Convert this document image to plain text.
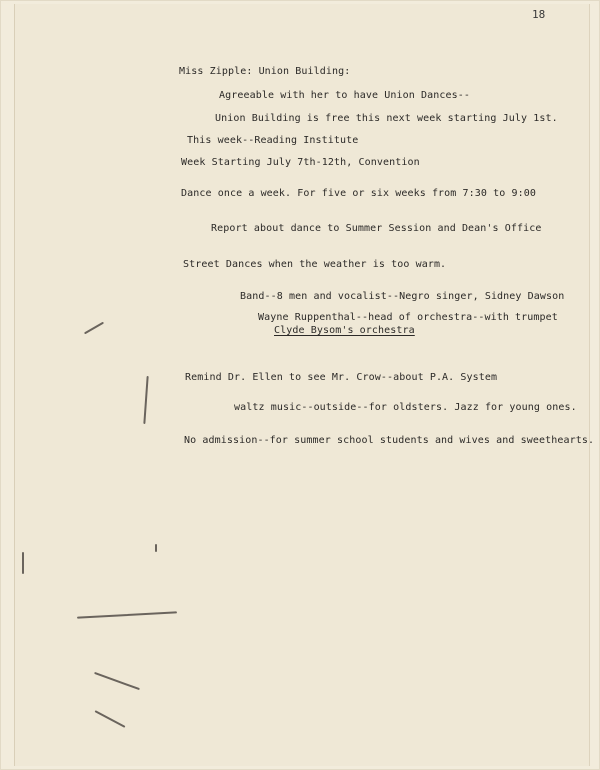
18
Miss Zipple: Union Building:
Agreeable with her to have Union Dances--
Union Building is free this next week starting July 1st.
This week--Reading Institute
Week Starting July 7th-12th, Convention
Dance once a week. For five or six weeks from 7:30 to 9:00
Report about dance to Summer Session and Dean's Office
Street Dances when the weather is too warm.
Band--8 men and vocalist--Negro singer, Sidney Dawson
Wayne Ruppenthal--head of orchestra--with trumpet
Clyde Bysom's orchestra
Remind Dr. Ellen to see Mr. Crow--about P.A. System
waltz music--outside--for oldsters. Jazz for young ones.
No admission--for summer school students and wives and sweethearts.
